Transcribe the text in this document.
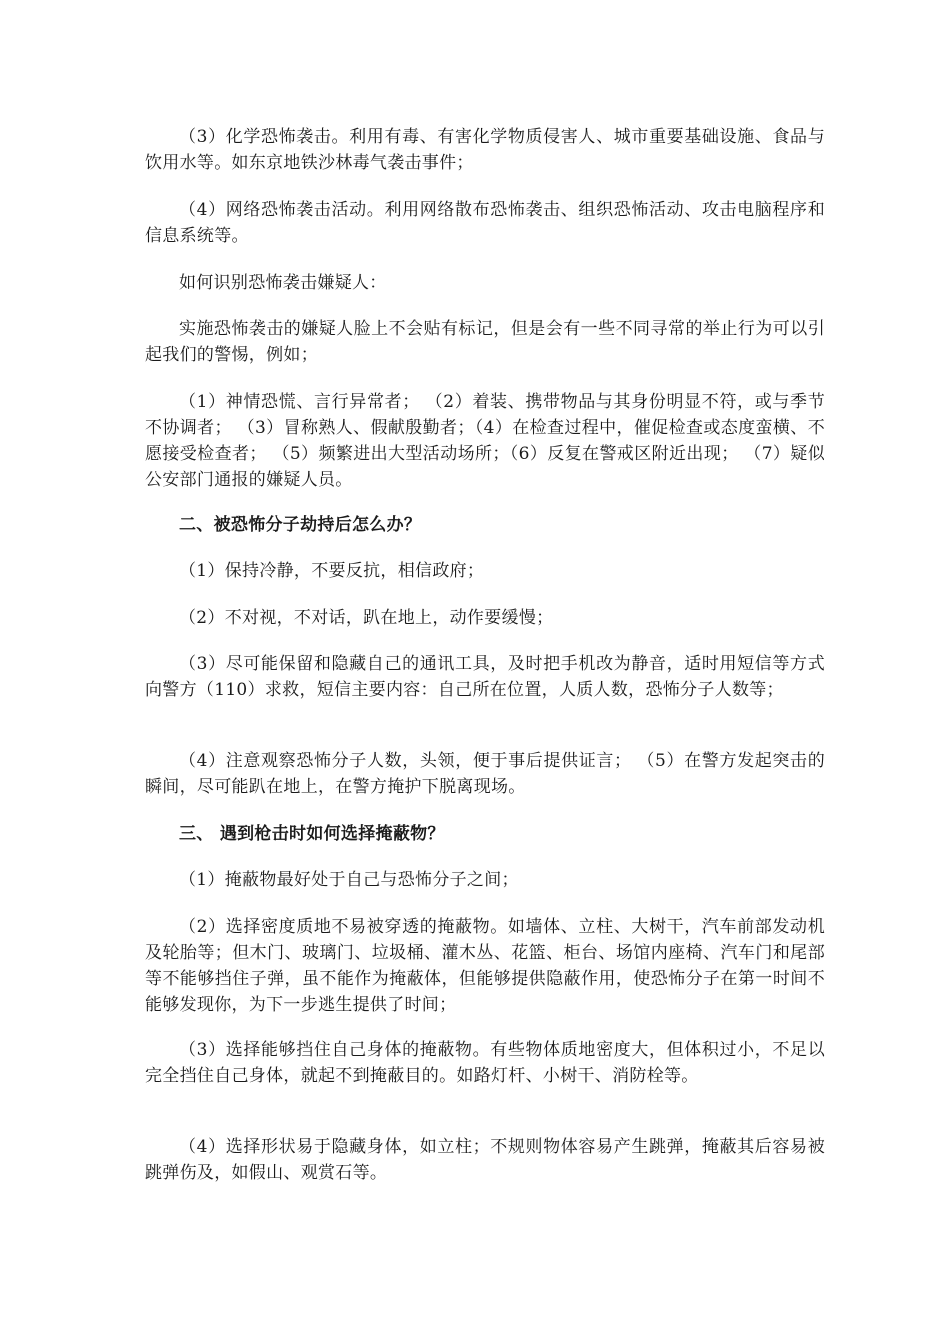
（3）化学恐怖袭击。利用有毒、有害化学物质侵害人、城市重要基础设施、食品与饮用水等。如东京地铁沙林毒气袭击事件；

（4）网络恐怖袭击活动。利用网络散布恐怖袭击、组织恐怖活动、攻击电脑程序和信息系统等。

如何识别恐怖袭击嫌疑人：

实施恐怖袭击的嫌疑人脸上不会贴有标记，但是会有一些不同寻常的举止行为可以引起我们的警惕，例如；

（1）神情恐慌、言行异常者； （2）着装、携带物品与其身份明显不符，或与季节不协调者； （3）冒称熟人、假献殷勤者；（4）在检查过程中，催促检查或态度蛮横、不愿接受检查者； （5）频繁进出大型活动场所；（6）反复在警戒区附近出现； （7）疑似公安部门通报的嫌疑人员。

二、被恐怖分子劫持后怎么办？

（1）保持冷静，不要反抗，相信政府；

（2）不对视，不对话，趴在地上，动作要缓慢；

（3）尽可能保留和隐藏自己的通讯工具，及时把手机改为静音，适时用短信等方式向警方（110）求救，短信主要内容：自己所在位置，人质人数，恐怖分子人数等；

（4）注意观察恐怖分子人数，头领，便于事后提供证言； （5）在警方发起突击的瞬间，尽可能趴在地上，在警方掩护下脱离现场。

三、 遇到枪击时如何选择掩蔽物？

（1）掩蔽物最好处于自己与恐怖分子之间；

（2）选择密度质地不易被穿透的掩蔽物。如墙体、立柱、大树干，汽车前部发动机及轮胎等；但木门、玻璃门、垃圾桶、灌木丛、花篮、柜台、场馆内座椅、汽车门和尾部等不能够挡住子弹，虽不能作为掩蔽体，但能够提供隐蔽作用，使恐怖分子在第一时间不能够发现你，为下一步逃生提供了时间；

（3）选择能够挡住自己身体的掩蔽物。有些物体质地密度大，但体积过小，不足以完全挡住自己身体，就起不到掩蔽目的。如路灯杆、小树干、消防栓等。

（4）选择形状易于隐藏身体，如立柱；不规则物体容易产生跳弹，掩蔽其后容易被跳弹伤及，如假山、观赏石等。
